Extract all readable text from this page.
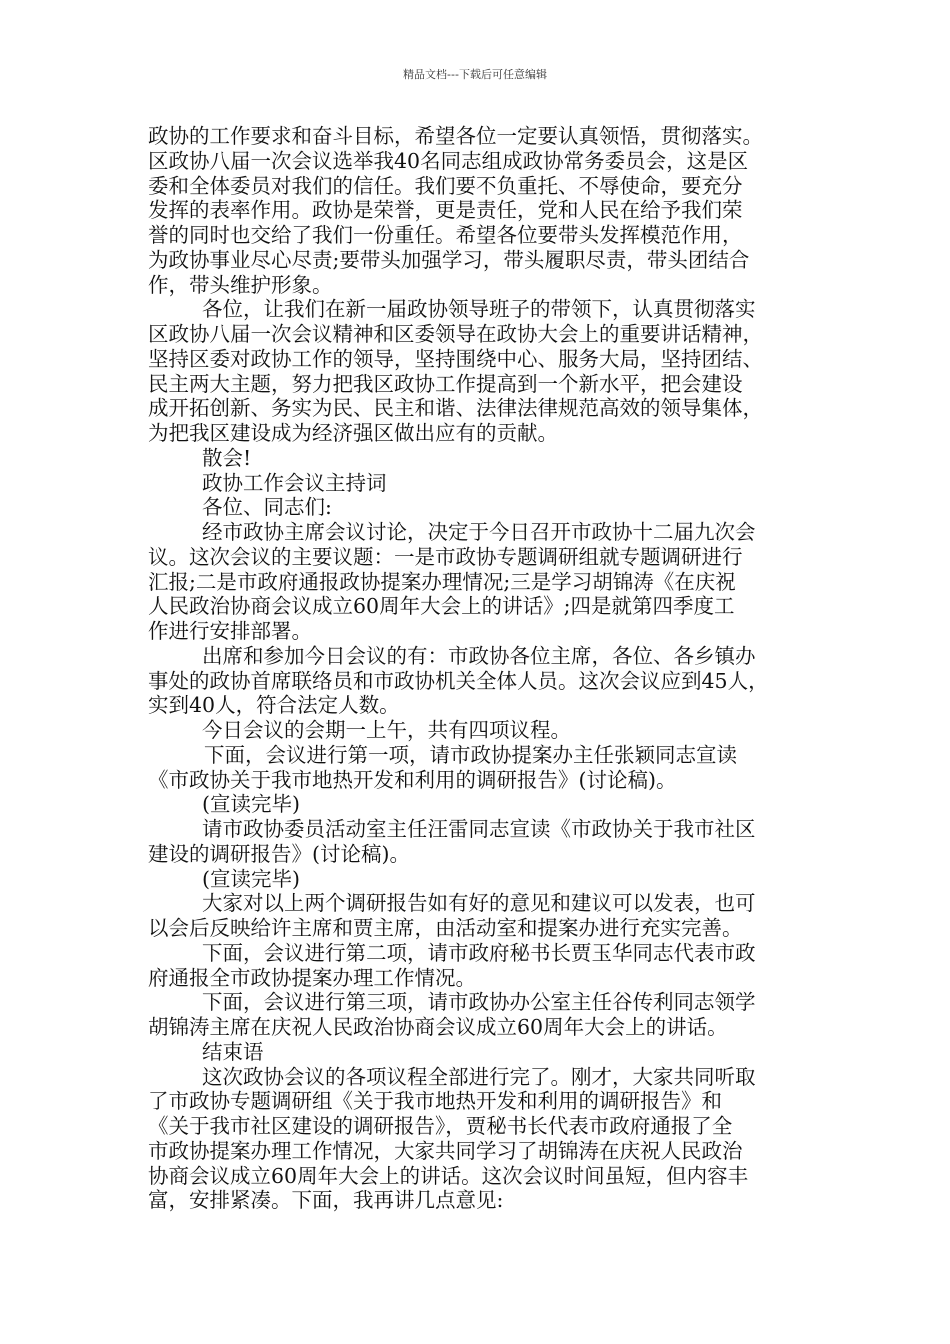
精品文档---下载后可任意编辑
政协的工作要求和奋斗目标，希望各位一定要认真领悟，贯彻落实。
区政协八届一次会议选举我40名同志组成政协常务委员会，这是区
委和全体委员对我们的信任。我们要不负重托、不辱使命，要充分
发挥的表率作用。政协是荣誉，更是责任，党和人民在给予我们荣
誉的同时也交给了我们一份重任。希望各位要带头发挥模范作用，
为政协事业尽心尽责;要带头加强学习，带头履职尽责，带头团结合
作，带头维护形象。
各位，让我们在新一届政协领导班子的带领下，认真贯彻落实
区政协八届一次会议精神和区委领导在政协大会上的重要讲话精神，
坚持区委对政协工作的领导，坚持围绕中心、服务大局，坚持团结、
民主两大主题，努力把我区政协工作提高到一个新水平，把会建设
成开拓创新、务实为民、民主和谐、法律法律规范高效的领导集体，
为把我区建设成为经济强区做出应有的贡献。
散会!
政协工作会议主持词
各位、同志们:
经市政协主席会议讨论，决定于今日召开市政协十二届九次会
议。这次会议的主要议题：一是市政协专题调研组就专题调研进行
汇报;二是市政府通报政协提案办理情况;三是学习胡锦涛《在庆祝
人民政治协商会议成立60周年大会上的讲话》;四是就第四季度工
作进行安排部署。
出席和参加今日会议的有：市政协各位主席，各位、各乡镇办
事处的政协首席联络员和市政协机关全体人员。这次会议应到45人，
实到40人，符合法定人数。
今日会议的会期一上午，共有四项议程。
下面，会议进行第一项，请市政协提案办主任张颖同志宣读
《市政协关于我市地热开发和利用的调研报告》(讨论稿)。
(宣读完毕)
请市政协委员活动室主任汪雷同志宣读《市政协关于我市社区
建设的调研报告》(讨论稿)。
(宣读完毕)
大家对以上两个调研报告如有好的意见和建议可以发表，也可
以会后反映给许主席和贾主席，由活动室和提案办进行充实完善。
下面，会议进行第二项，请市政府秘书长贾玉华同志代表市政
府通报全市政协提案办理工作情况。
下面，会议进行第三项，请市政协办公室主任谷传利同志领学
胡锦涛主席在庆祝人民政治协商会议成立60周年大会上的讲话。
结束语
这次政协会议的各项议程全部进行完了。刚才，大家共同听取
了市政协专题调研组《关于我市地热开发和利用的调研报告》和
《关于我市社区建设的调研报告》，贾秘书长代表市政府通报了全
市政协提案办理工作情况，大家共同学习了胡锦涛在庆祝人民政治
协商会议成立60周年大会上的讲话。这次会议时间虽短，但内容丰
富，安排紧凑。下面，我再讲几点意见:
